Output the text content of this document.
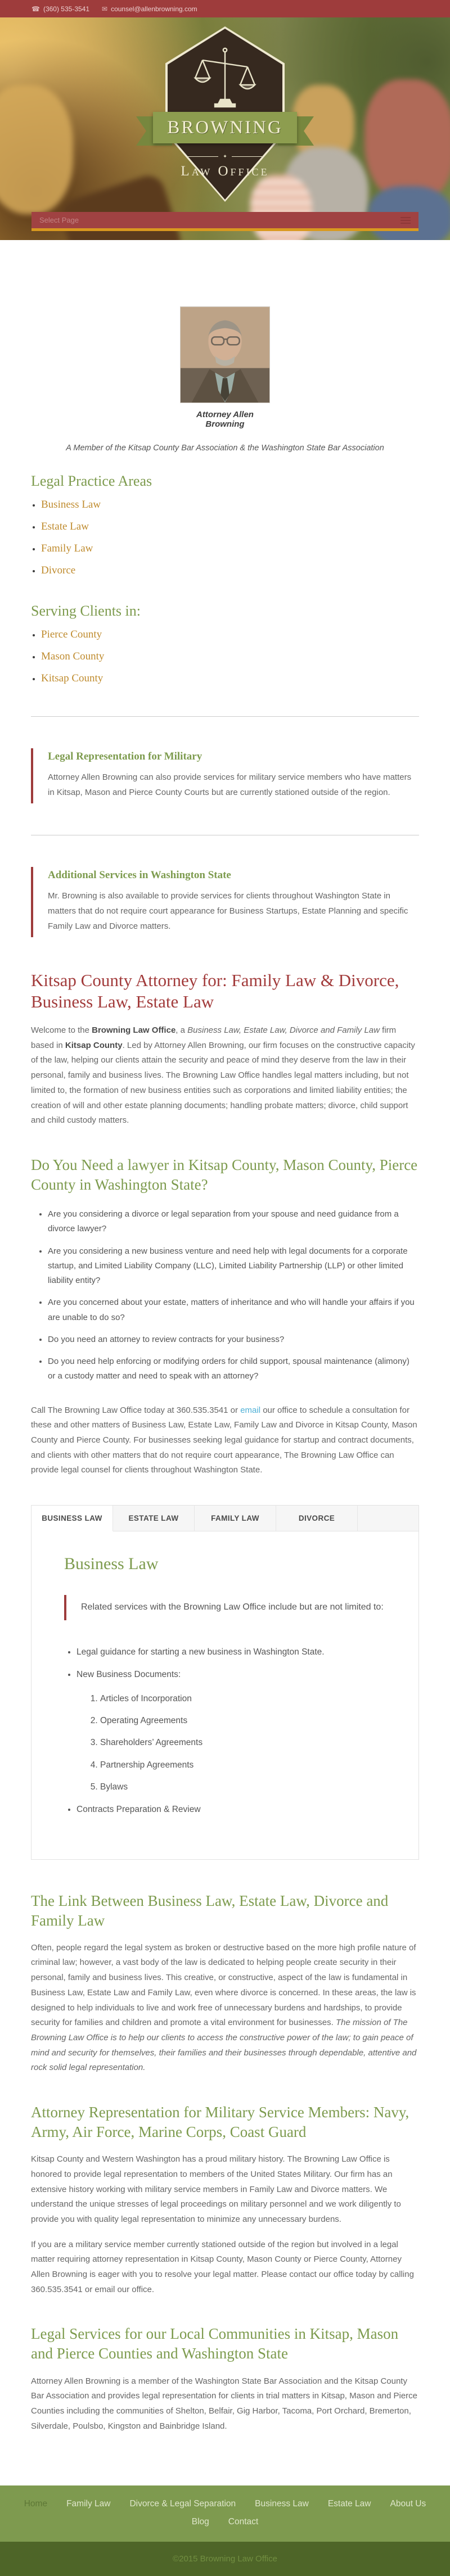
☎ (360) 535-3541 ✉ counsel@allenbrowning.com
BROWNING
✦
Law Office
Select Page
Attorney Allen Browning

A Member of the Kitsap County Bar Association & the Washington State Bar Association

Legal Practice Areas
• Business Law
• Estate Law
• Family Law
• Divorce
Serving Clients in:
• Pierce County
• Mason County
• Kitsap County
Legal Representation for Military

Attorney Allen Browning can also provide services for military service members who have matters in Kitsap, Mason and Pierce County Courts but are currently stationed outside of the region.

Additional Services in Washington State

Mr. Browning is also available to provide services for clients throughout Washington State in matters that do not require court appearance for Business Startups, Estate Planning and specific Family Law and Divorce matters.

Kitsap County Attorney for: Family Law & Divorce, Business Law, Estate Law

Welcome to the Browning Law Office, a Business Law, Estate Law, Divorce and Family Law firm based in Kitsap County. Led by Attorney Allen Browning, our firm focuses on the constructive capacity of the law, helping our clients attain the security and peace of mind they deserve from the law in their personal, family and business lives. The Browning Law Office handles legal matters including, but not limited to, the formation of new business entities such as corporations and limited liability entities; the creation of will and other estate planning documents; handling probate matters; divorce, child support and child custody matters.

Do You Need a lawyer in Kitsap County, Mason County, Pierce County in Washington State?
• Are you considering a divorce or legal separation from your spouse and need guidance from a divorce lawyer?
• Are you considering a new business venture and need help with legal documents for a corporate startup, and Limited Liability Company (LLC), Limited Liability Partnership (LLP) or other limited liability entity?
• Are you concerned about your estate, matters of inheritance and who will handle your affairs if you are unable to do so?
• Do you need an attorney to review contracts for your business?
• Do you need help enforcing or modifying orders for child support, spousal maintenance (alimony) or a custody matter and need to speak with an attorney?

Call The Browning Law Office today at 360.535.3541 or email our office to schedule a consultation for these and other matters of Business Law, Estate Law, Family Law and Divorce in Kitsap County, Mason County and Pierce County. For businesses seeking legal guidance for startup and contract documents, and clients with other matters that do not require court appearance, The Browning Law Office can provide legal counsel for clients throughout Washington State.

BUSINESS LAW	ESTATE LAW	FAMILY LAW	DIVORCE
Business Law

Related services with the Browning Law Office include but are not limited to:

• Legal guidance for starting a new business in Washington State.
• New Business Documents:
1. Articles of Incorporation
2. Operating Agreements
3. Shareholders’ Agreements
4. Partnership Agreements
5. Bylaws
• Contracts Preparation & Review
The Link Between Business Law, Estate Law, Divorce and Family Law

Often, people regard the legal system as broken or destructive based on the more high profile nature of criminal law; however, a vast body of the law is dedicated to helping people create security in their personal, family and business lives. This creative, or constructive, aspect of the law is fundamental in Business Law, Estate Law and Family Law, even where divorce is concerned. In these areas, the law is designed to help individuals to live and work free of unnecessary burdens and hardships, to provide security for families and children and promote a vital environment for businesses. The mission of The Browning Law Office is to help our clients to access the constructive power of the law; to gain peace of mind and security for themselves, their families and their businesses through dependable, attentive and rock solid legal representation.

Attorney Representation for Military Service Members: Navy, Army, Air Force, Marine Corps, Coast Guard

Kitsap County and Western Washington has a proud military history. The Browning Law Office is honored to provide legal representation to members of the United States Military. Our firm has an extensive history working with military service members in Family Law and Divorce matters. We understand the unique stresses of legal proceedings on military personnel and we work diligently to provide you with quality legal representation to minimize any unnecessary burdens.

If you are a military service member currently stationed outside of the region but involved in a legal matter requiring attorney representation in Kitsap County, Mason County or Pierce County, Attorney Allen Browning is eager with you to resolve your legal matter. Please contact our office today by calling 360.535.3541 or email our office.

Legal Services for our Local Communities in Kitsap, Mason and Pierce Counties and Washington State

Attorney Allen Browning is a member of the Washington State Bar Association and the Kitsap County Bar Association and provides legal representation for clients in trial matters in Kitsap, Mason and Pierce Counties including the communities of Shelton, Belfair, Gig Harbor, Tacoma, Port Orchard, Bremerton, Silverdale, Poulsbo, Kingston and Bainbridge Island.

Home Family Law Divorce & Legal Separation Business Law Estate Law About Us
Blog Contact
©2015 Browning Law Office
